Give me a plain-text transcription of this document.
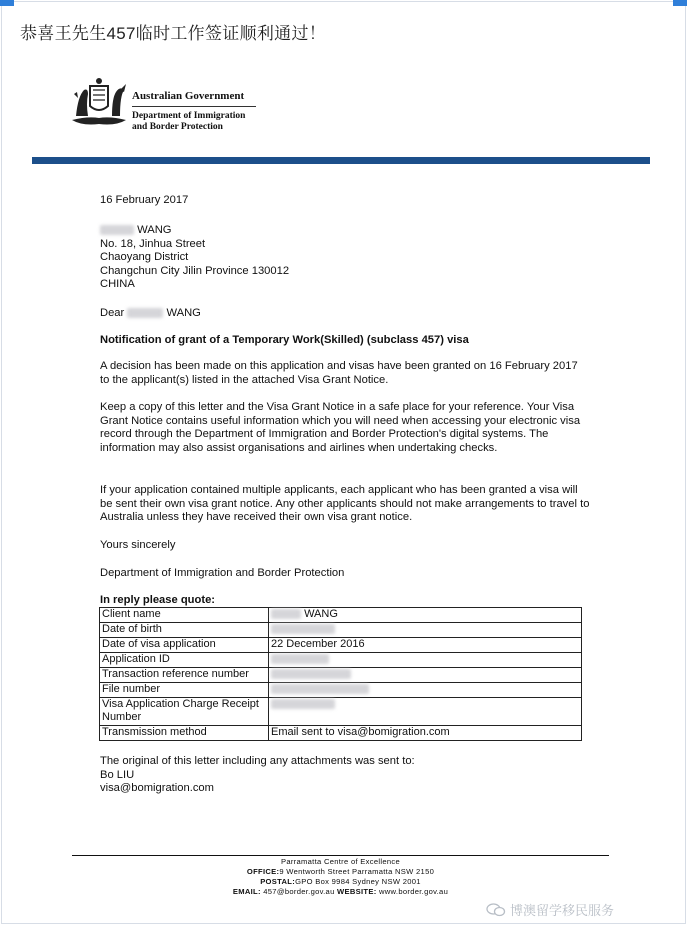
恭喜王先生457临时工作签证顺利通过！
Australian Government
Department of Immigration
and Border Protection
16 February 2017
WANG
No. 18, Jinhua Street
Chaoyang District
Changchun City Jilin Province 130012
CHINA
Dear	WANG
Notification of grant of a Temporary Work(Skilled) (subclass 457) visa
A decision has been made on this application and visas have been granted on 16 February 2017 to the applicant(s) listed in the attached Visa Grant Notice.
Keep a copy of this letter and the Visa Grant Notice in a safe place for your reference. Your Visa Grant Notice contains useful information which you will need when accessing your electronic visa record through the Department of Immigration and Border Protection's digital systems. The information may also assist organisations and airlines when undertaking checks.
If your application contained multiple applicants, each applicant who has been granted a visa will be sent their own visa grant notice. Any other applicants should not make arrangements to travel to Australia unless they have received their own visa grant notice.
Yours sincerely
Department of Immigration and Border Protection
In reply please quote:
Client name	WANG
Date of birth	
Date of visa application	22 December 2016
Application ID	
Transaction reference number	
File number	
Visa Application Charge Receipt Number	
Transmission method	Email sent to visa@bomigration.com
The original of this letter including any attachments was sent to:
Bo LIU
visa@bomigration.com
Parramatta Centre of Excellence
OFFICE:9 Wentworth Street Parramatta NSW 2150
POSTAL:GPO Box 9984 Sydney NSW 2001
EMAIL: 457@border.gov.au WEBSITE: www.border.gov.au
博澳留学移民服务
